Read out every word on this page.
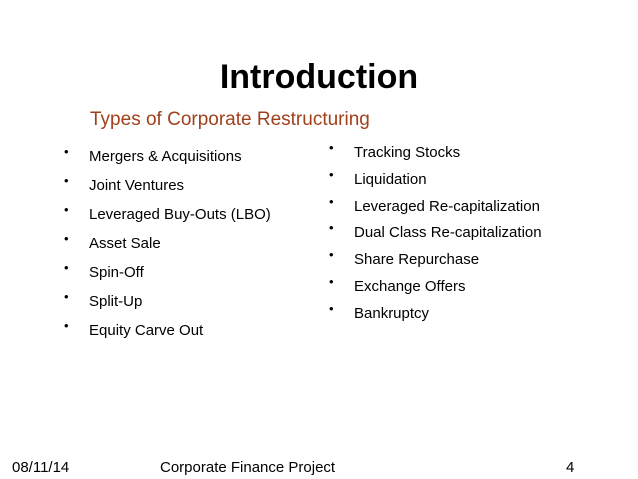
Introduction
Types of Corporate Restructuring
• Mergers & Acquisitions
• Joint Ventures
• Leveraged Buy-Outs (LBO)
• Asset Sale
• Spin-Off
• Split-Up
• Equity Carve Out
• Tracking Stocks
• Liquidation
• Leveraged Re-capitalization
• Dual Class Re-capitalization
• Share Repurchase
• Exchange Offers
• Bankruptcy
08/11/14	Corporate Finance Project	4
